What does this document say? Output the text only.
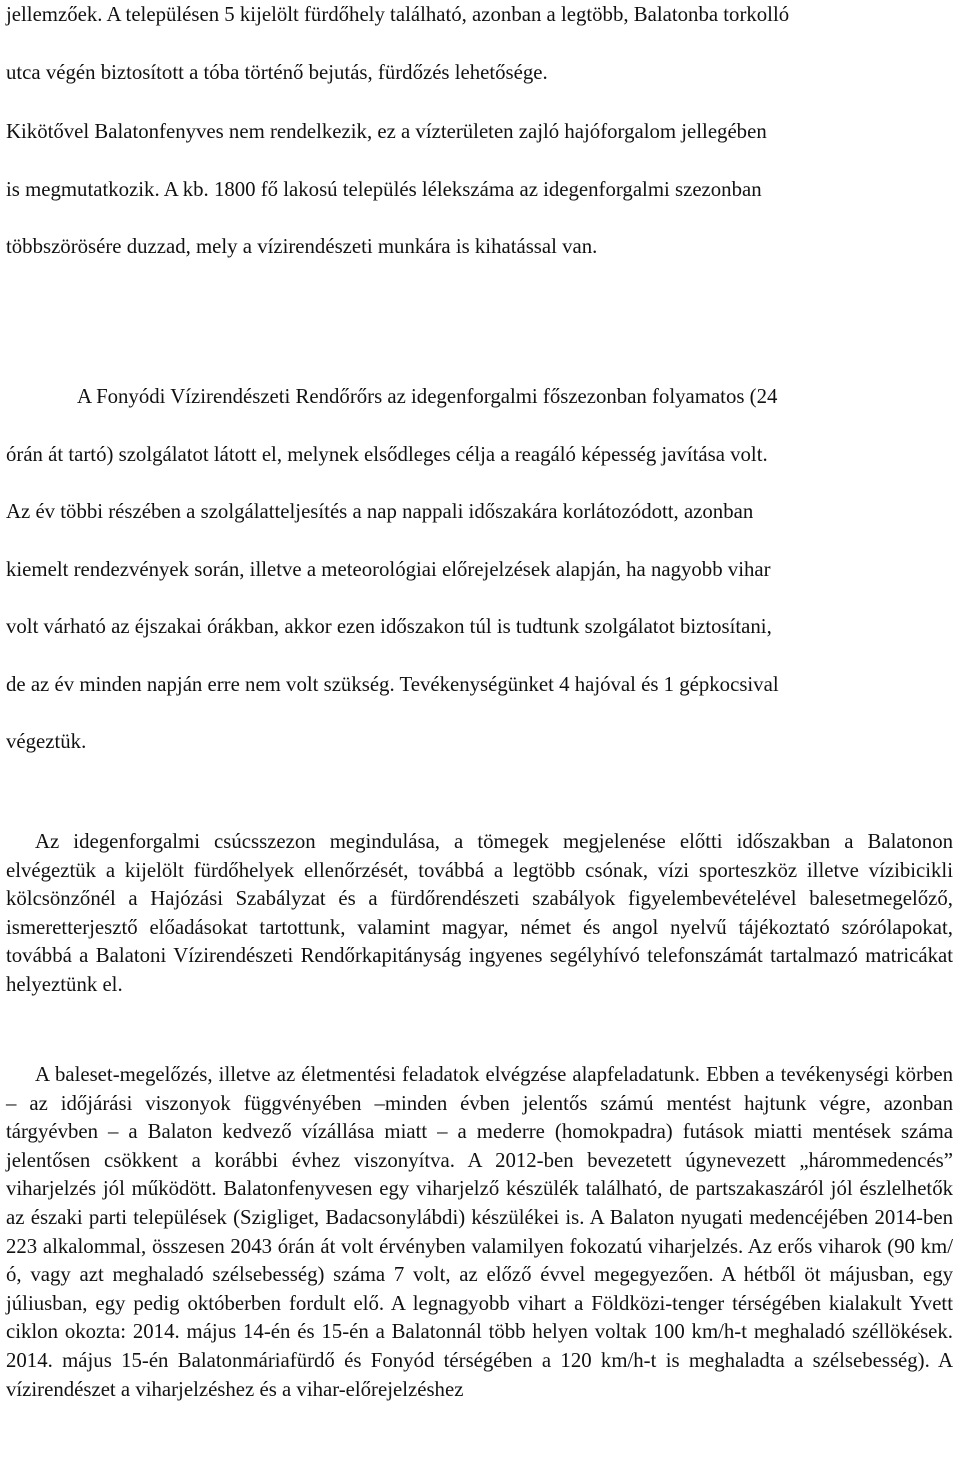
jellemzőek. A településen 5 kijelölt fürdőhely található, azonban a legtöbb, Balatonba torkolló
utca végén biztosított a tóba történő bejutás, fürdőzés lehetősége.

Kikötővel Balatonfenyves nem rendelkezik, ez a vízterületen zajló hajóforgalom jellegében
is megmutatkozik. A kb. 1800 fő lakosú település lélekszáma az idegenforgalmi szezonban
többszörösére duzzad, mely a vízirendészeti munkára is kihatással van.

A Fonyódi Vízirendészeti Rendőrőrs az idegenforgalmi főszezonban folyamatos (24
órán át tartó) szolgálatot látott el, melynek elsődleges célja a reagáló képesség javítása volt.

Az év többi részében a szolgálatteljesítés a nap nappali időszakára korlátozódott, azonban
kiemelt rendezvények során, illetve a meteorológiai előrejelzések alapján, ha nagyobb vihar
volt várható az éjszakai órákban, akkor ezen időszakon túl is tudtunk szolgálatot biztosítani,
de az év minden napján erre nem volt szükség. Tevékenységünket 4 hajóval és 1 gépkocsival
végeztük.

Az idegenforgalmi csúcsszezon megindulása, a tömegek megjelenése előtti időszakban a Balatonon elvégeztük a kijelölt fürdőhelyek ellenőrzését, továbbá a legtöbb csónak, vízi sporteszköz illetve vízibicikli kölcsönzőnél a Hajózási Szabályzat és a fürdőrendészeti szabályok figyelembevételével balesetmegelőző, ismeretterjesztő előadásokat tartottunk, valamint magyar, német és angol nyelvű tájékoztató szórólapokat, továbbá a Balatoni Vízirendészeti Rendőrkapitányság ingyenes segélyhívó telefonszámát tartalmazó matricákat helyeztünk el.

A baleset-megelőzés, illetve az életmentési feladatok elvégzése alapfeladatunk. Ebben a tevékenységi körben – az időjárási viszonyok függvényében –minden évben jelentős számú mentést hajtunk végre, azonban tárgyévben – a Balaton kedvező vízállása miatt – a mederre (homokpadra) futások miatti mentések száma jelentősen csökkent a korábbi évhez viszonyítva. A 2012-ben bevezetett úgynevezett „hárommedencés” viharjelzés jól működött. Balatonfenyvesen egy viharjelző készülék található, de partszakaszáról jól észlelhetők az északi parti települések (Szigliget, Badacsonylábdi) készülékei is. A Balaton nyugati medencéjében 2014-ben 223 alkalommal, összesen 2043 órán át volt érvényben valamilyen fokozatú viharjelzés. Az erős viharok (90 km/ó, vagy azt meghaladó szélsebesség) száma 7 volt, az előző évvel megegyezően. A hétből öt májusban, egy júliusban, egy pedig októberben fordult elő. A legnagyobb vihart a Földközi-tenger térségében kialakult Yvett ciklon okozta: 2014. május 14-én és 15-én a Balatonnál több helyen voltak 100 km/h-t meghaladó széllökések. 2014. május 15-én Balatonmáriafürdő és Fonyód térségében a 120 km/h-t is meghaladta a szélsebesség). A vízirendészet a viharjelzéshez és a vihar-előrejelzéshez
